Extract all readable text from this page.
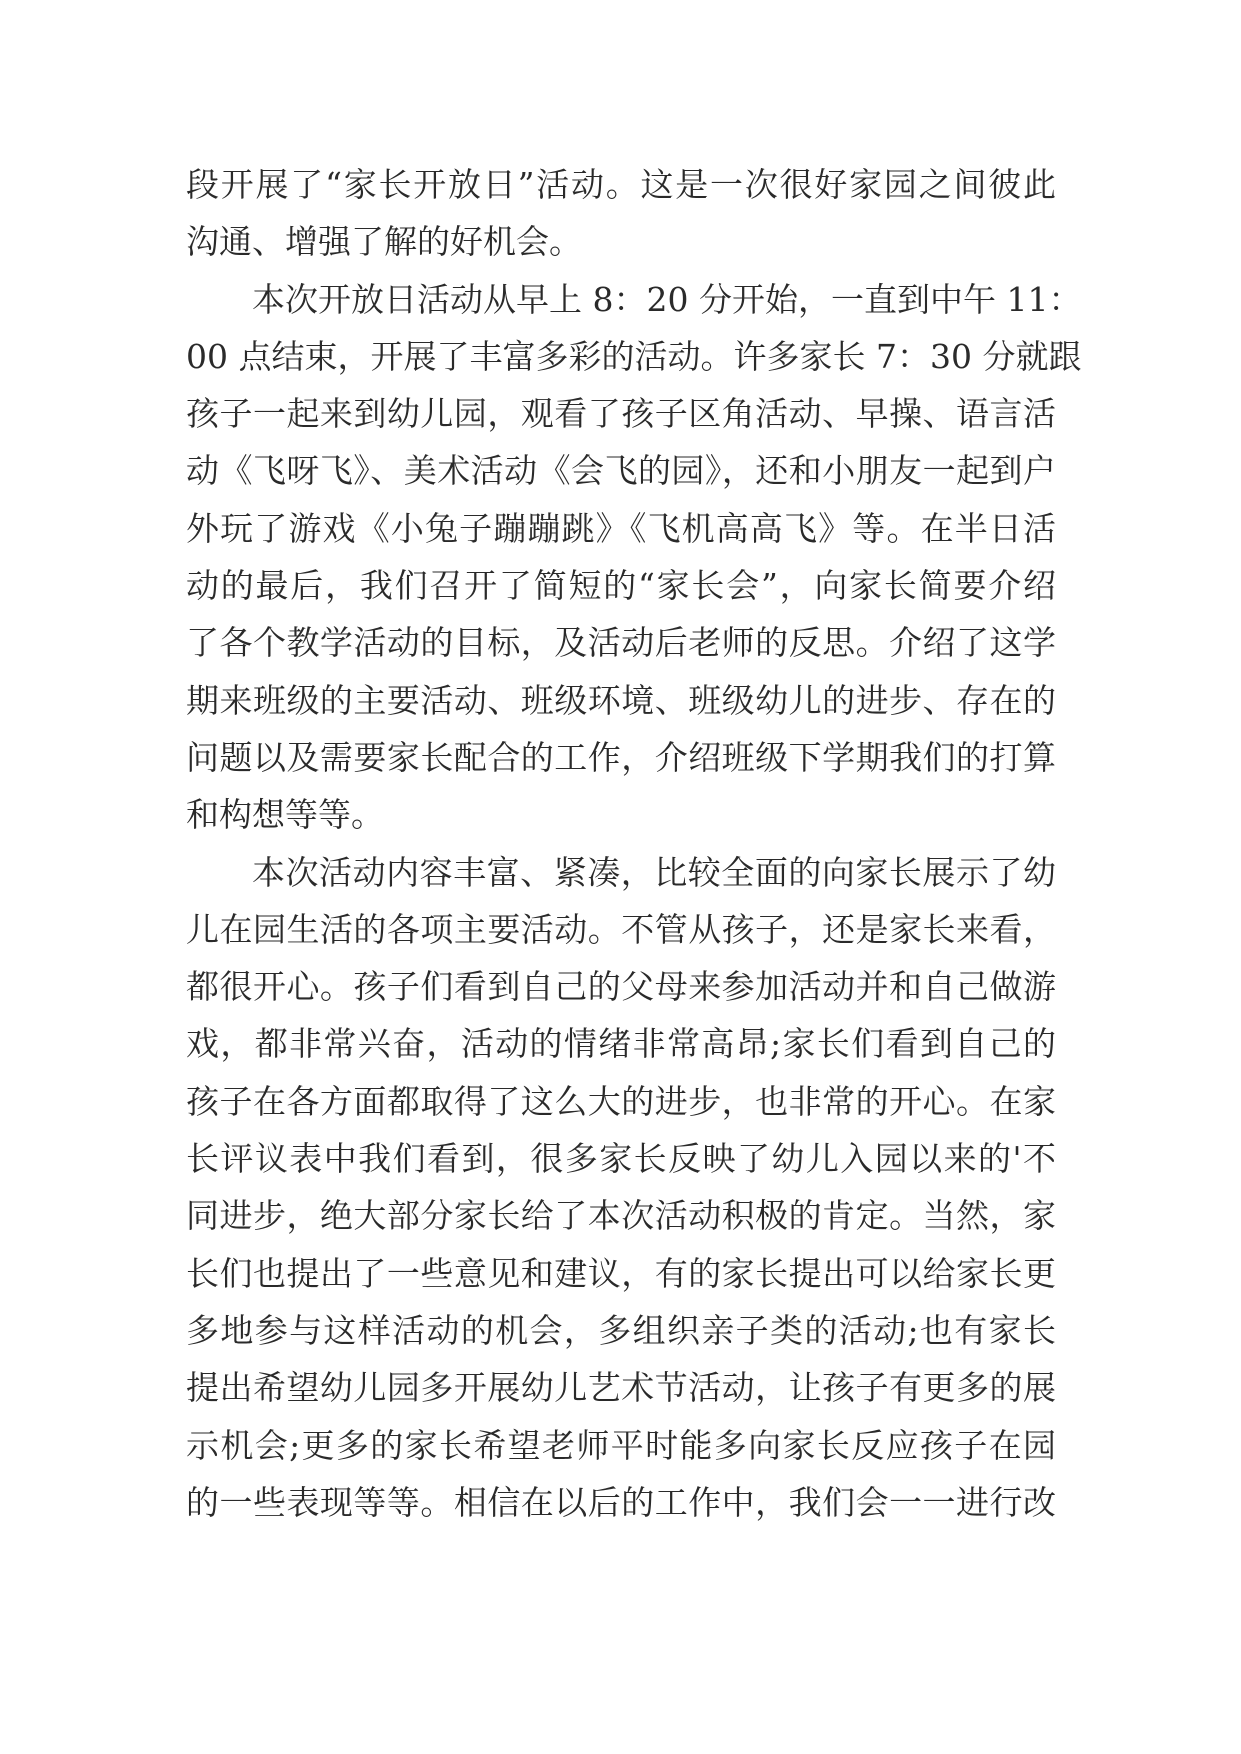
段开展了“家长开放日”活动。这是一次很好家园之间彼此
沟通、增强了解的好机会。
本次开放日活动从早上 8：20 分开始，一直到中午 11：
00 点结束，开展了丰富多彩的活动。许多家长 7：30 分就跟
孩子一起来到幼儿园，观看了孩子区角活动、早操、语言活
动《飞呀飞》、美术活动《会飞的园》，还和小朋友一起到户
外玩了游戏《小兔子蹦蹦跳》《飞机高高飞》等。在半日活
动的最后，我们召开了简短的“家长会”，向家长简要介绍
了各个教学活动的目标，及活动后老师的反思。介绍了这学
期来班级的主要活动、班级环境、班级幼儿的进步、存在的
问题以及需要家长配合的工作，介绍班级下学期我们的打算
和构想等等。
本次活动内容丰富、紧凑，比较全面的向家长展示了幼
儿在园生活的各项主要活动。不管从孩子，还是家长来看，
都很开心。孩子们看到自己的父母来参加活动并和自己做游
戏，都非常兴奋，活动的情绪非常高昂;家长们看到自己的
孩子在各方面都取得了这么大的进步，也非常的开心。在家
长评议表中我们看到，很多家长反映了幼儿入园以来的'不
同进步，绝大部分家长给了本次活动积极的肯定。当然，家
长们也提出了一些意见和建议，有的家长提出可以给家长更
多地参与这样活动的机会，多组织亲子类的活动;也有家长
提出希望幼儿园多开展幼儿艺术节活动，让孩子有更多的展
示机会;更多的家长希望老师平时能多向家长反应孩子在园
的一些表现等等。相信在以后的工作中，我们会一一进行改
